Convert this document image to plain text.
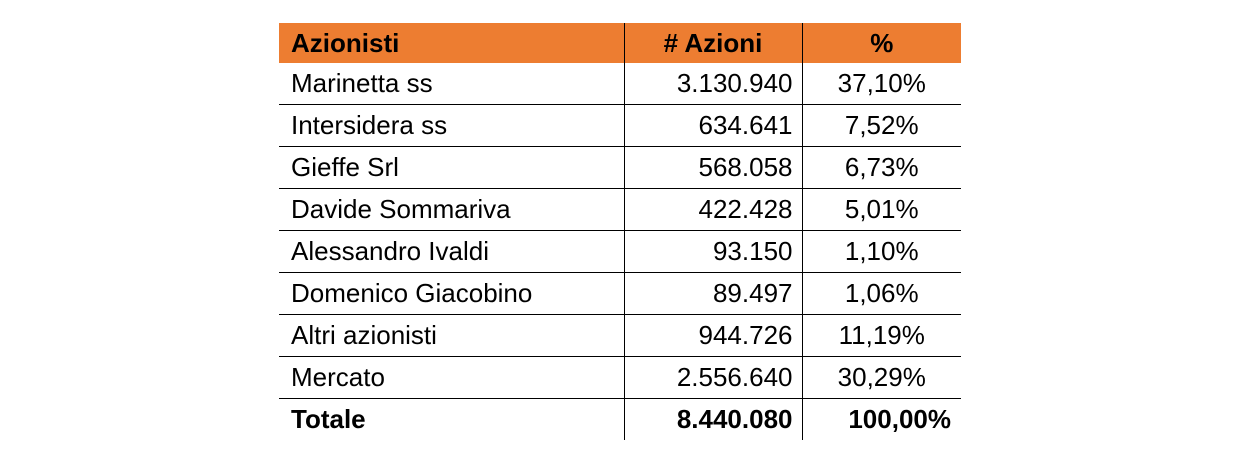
Azionisti	# Azioni	%
Marinetta ss	3.130.940	37,10%
Intersidera ss	634.641	7,52%
Gieffe Srl	568.058	6,73%
Davide Sommariva	422.428	5,01%
Alessandro Ivaldi	93.150	1,10%
Domenico Giacobino	89.497	1,06%
Altri azionisti	944.726	11,19%
Mercato	2.556.640	30,29%
Totale	8.440.080	100,00%
